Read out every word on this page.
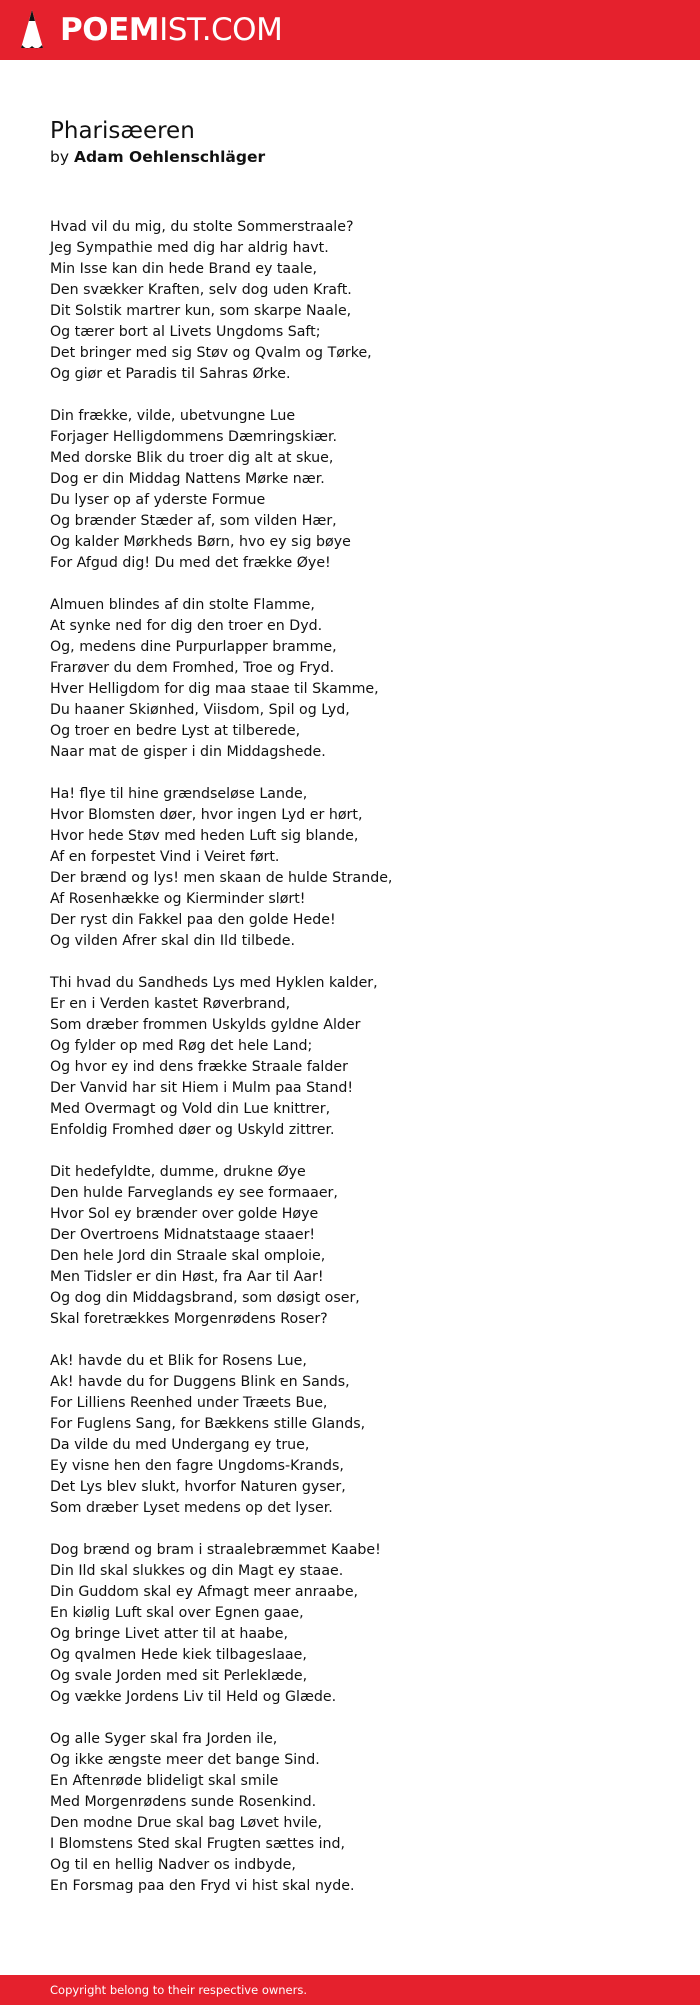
POEMIST.COM
Pharisæeren
by Adam Oehlenschläger
Hvad vil du mig, du stolte Sommerstraale?
Jeg Sympathie med dig har aldrig havt.
Min Isse kan din hede Brand ey taale,
Den svækker Kraften, selv dog uden Kraft.
Dit Solstik martrer kun, som skarpe Naale,
Og tærer bort al Livets Ungdoms Saft;
Det bringer med sig Støv og Qvalm og Tørke,
Og giør et Paradis til Sahras Ørke.
Din frække, vilde, ubetvungne Lue
Forjager Helligdommens Dæmringskiær.
Med dorske Blik du troer dig alt at skue,
Dog er din Middag Nattens Mørke nær.
Du lyser op af yderste Formue
Og brænder Stæder af, som vilden Hær,
Og kalder Mørkheds Børn, hvo ey sig bøye
For Afgud dig! Du med det frække Øye!
Almuen blindes af din stolte Flamme,
At synke ned for dig den troer en Dyd.
Og, medens dine Purpurlapper bramme,
Frarøver du dem Fromhed, Troe og Fryd.
Hver Helligdom for dig maa staae til Skamme,
Du haaner Skiønhed, Viisdom, Spil og Lyd,
Og troer en bedre Lyst at tilberede,
Naar mat de gisper i din Middagshede.
Ha! flye til hine grændseløse Lande,
Hvor Blomsten døer, hvor ingen Lyd er hørt,
Hvor hede Støv med heden Luft sig blande,
Af en forpestet Vind i Veiret ført.
Der brænd og lys! men skaan de hulde Strande,
Af Rosenhække og Kierminder slørt!
Der ryst din Fakkel paa den golde Hede!
Og vilden Afrer skal din Ild tilbede.
Thi hvad du Sandheds Lys med Hyklen kalder,
Er en i Verden kastet Røverbrand,
Som dræber frommen Uskylds gyldne Alder
Og fylder op med Røg det hele Land;
Og hvor ey ind dens frække Straale falder
Der Vanvid har sit Hiem i Mulm paa Stand!
Med Overmagt og Vold din Lue knittrer,
Enfoldig Fromhed døer og Uskyld zittrer.
Dit hedefyldte, dumme, drukne Øye
Den hulde Farveglands ey see formaaer,
Hvor Sol ey brænder over golde Høye
Der Overtroens Midnatstaage staaer!
Den hele Jord din Straale skal omploie,
Men Tidsler er din Høst, fra Aar til Aar!
Og dog din Middagsbrand, som døsigt oser,
Skal foretrækkes Morgenrødens Roser?
Ak! havde du et Blik for Rosens Lue,
Ak! havde du for Duggens Blink en Sands,
For Lilliens Reenhed under Træets Bue,
For Fuglens Sang, for Bækkens stille Glands,
Da vilde du med Undergang ey true,
Ey visne hen den fagre Ungdoms-Krands,
Det Lys blev slukt, hvorfor Naturen gyser,
Som dræber Lyset medens op det lyser.
Dog brænd og bram i straalebræmmet Kaabe!
Din Ild skal slukkes og din Magt ey staae.
Din Guddom skal ey Afmagt meer anraabe,
En kiølig Luft skal over Egnen gaae,
Og bringe Livet atter til at haabe,
Og qvalmen Hede kiek tilbageslaae,
Og svale Jorden med sit Perleklæde,
Og vække Jordens Liv til Held og Glæde.
Og alle Syger skal fra Jorden ile,
Og ikke ængste meer det bange Sind.
En Aftenrøde blideligt skal smile
Med Morgenrødens sunde Rosenkind.
Den modne Drue skal bag Løvet hvile,
I Blomstens Sted skal Frugten sættes ind,
Og til en hellig Nadver os indbyde,
En Forsmag paa den Fryd vi hist skal nyde.
Copyright belong to their respective owners.
